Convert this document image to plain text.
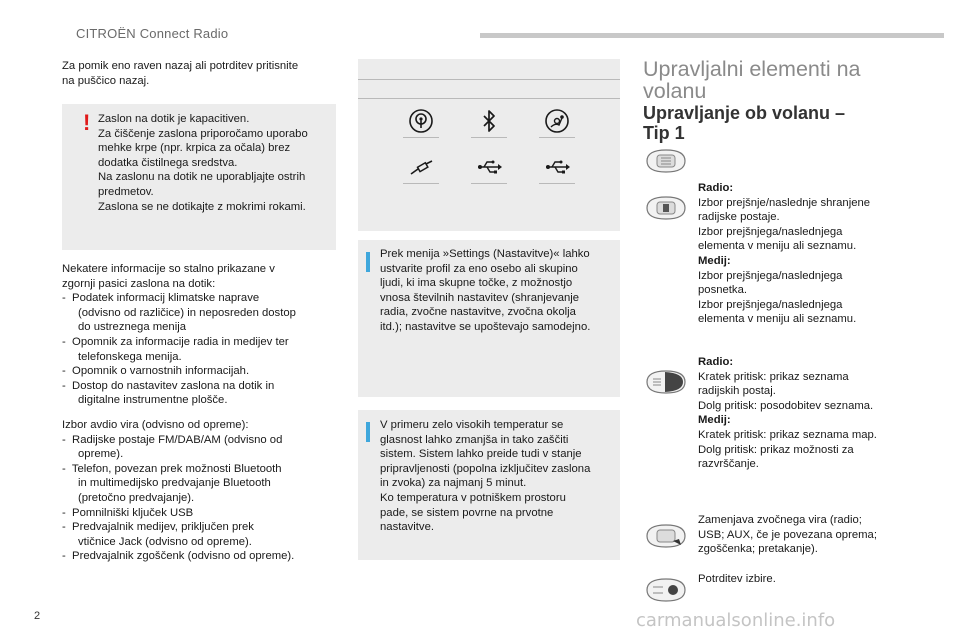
CITROËN Connect Radio
Za pomik eno raven nazaj ali potrditev pritisnite
na puščico nazaj.
! Zaslon na dotik je kapacitiven.
Za čiščenje zaslona priporočamo uporabo
mehke krpe (npr. krpica za očala) brez
dodatka čistilnega sredstva.
Na zaslonu na dotik ne uporabljajte ostrih
predmetov.
Zaslona se ne dotikajte z mokrimi rokami.
Nekatere informacije so stalno prikazane v
zgornji pasici zaslona na dotik:
-  Podatek informacij klimatske naprave
(odvisno od različice) in neposreden dostop
do ustreznega menija
-  Opomnik za informacije radia in medijev ter
telefonskega menija.
-  Opomnik o varnostnih informacijah.
-  Dostop do nastavitev zaslona na dotik in
digitalne instrumentne plošče.
Izbor avdio vira (odvisno od opreme):
-  Radijske postaje FM/DAB/AM (odvisno od
opreme).
-  Telefon, povezan prek možnosti Bluetooth
in multimedijsko predvajanje Bluetooth
(pretočno predvajanje).
-  Pomnilniški ključek USB
-  Predvajalnik medijev, priključen prek
vtičnice Jack (odvisno od opreme).
-  Predvajalnik zgoščenk (odvisno od opreme).
Prek menija »Settings (Nastavitve)« lahko
ustvarite profil za eno osebo ali skupino
ljudi, ki ima skupne točke, z možnostjo
vnosa številnih nastavitev (shranjevanje
radia, zvočne nastavitve, zvočna okolja
itd.); nastavitve se upoštevajo samodejno.
V primeru zelo visokih temperatur se
glasnost lahko zmanjša in tako zaščiti
sistem. Sistem lahko preide tudi v stanje
pripravljenosti (popolna izklјučitev zaslona
in zvoka) za najmanj 5 minut.
Ko temperatura v potniškem prostoru
pade, se sistem povrne na prvotne
nastavitve.
Upravljalni elementi na
volanu
Upravljanje ob volanu –
Tip 1
Radio:
Izbor prejšnje/naslednje shranjene
radijske postaje.
Izbor prejšnjega/naslednjega
elementa v meniju ali seznamu.
Medij:
Izbor prejšnjega/naslednjega
posnetka.
Izbor prejšnjega/naslednjega
elementa v meniju ali seznamu.
Radio:
Kratek pritisk: prikaz seznama
radijskih postaj.
Dolg pritisk: posodobitev seznama.
Medij:
Kratek pritisk: prikaz seznama map.
Dolg pritisk: prikaz možnosti za
razvrščanje.
Zamenjava zvočnega vira (radio;
USB; AUX, če je povezana oprema;
zgoščenka; pretakanje).
Potrditev izbire.
2	carmanualsonline.info
